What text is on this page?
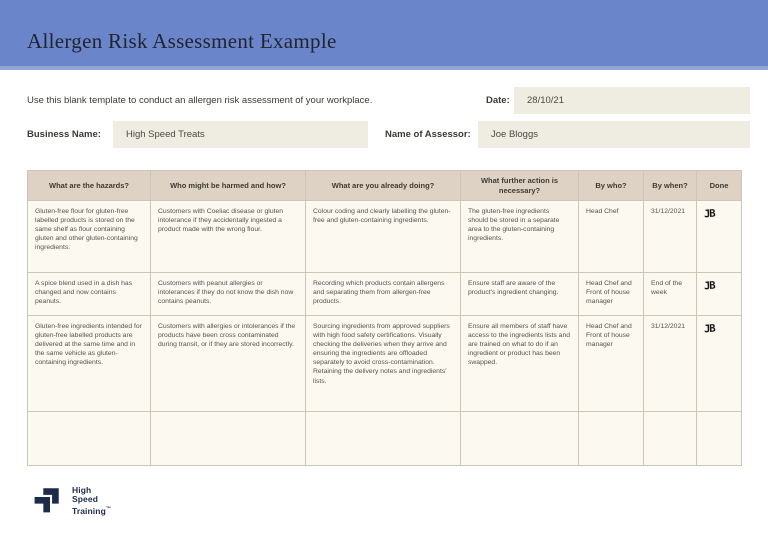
Allergen Risk Assessment Example
Use this blank template to conduct an allergen risk assessment of your workplace.	Date:	28/10/21
Business Name:	High Speed Treats	Name of Assessor:	Joe Bloggs
What are the hazards?	Who might be harmed and how?	What are you already doing?	What further action is necessary?	By who?	By when?	Done
Gluten-free flour for gluten-free labelled products is stored on the same shelf as flour containing gluten and other gluten-containing ingredients.	Customers with Coeliac disease or gluten intolerance if they accidentally ingested a product made with the wrong flour.	Colour coding and clearly labelling the gluten-free and gluten-containing ingredients.	The gluten-free ingredients should be stored in a separate area to the gluten-containing ingredients.	Head Chef	31/12/2021	JB
A spice blend used in a dish has changed and now contains peanuts.	Customers with peanut allergies or intolerances if they do not know the dish now contains peanuts.	Recording which products contain allergens and separating them from allergen-free products.	Ensure staff are aware of the product's ingredient changing.	Head Chef and Front of house manager	End of the week	JB
Gluten-free ingredients intended for gluten-free labelled products are delivered at the same time and in the same vehicle as gluten-containing ingredients.	Customers with allergies or intolerances if the products have been cross contaminated during transit, or if they are stored incorrectly.	Sourcing ingredients from approved suppliers with high food safety certifications. Visually checking the deliveries when they arrive and ensuring the ingredients are offloaded separately to avoid cross-contamination. Retaining the delivery notes and ingredients' lists.	Ensure all members of staff have access to the ingredients lists and are trained on what to do if an ingredient or product has been swapped.	Head Chef and Front of house manager	31/12/2021	JB

High
Speed
Training™
